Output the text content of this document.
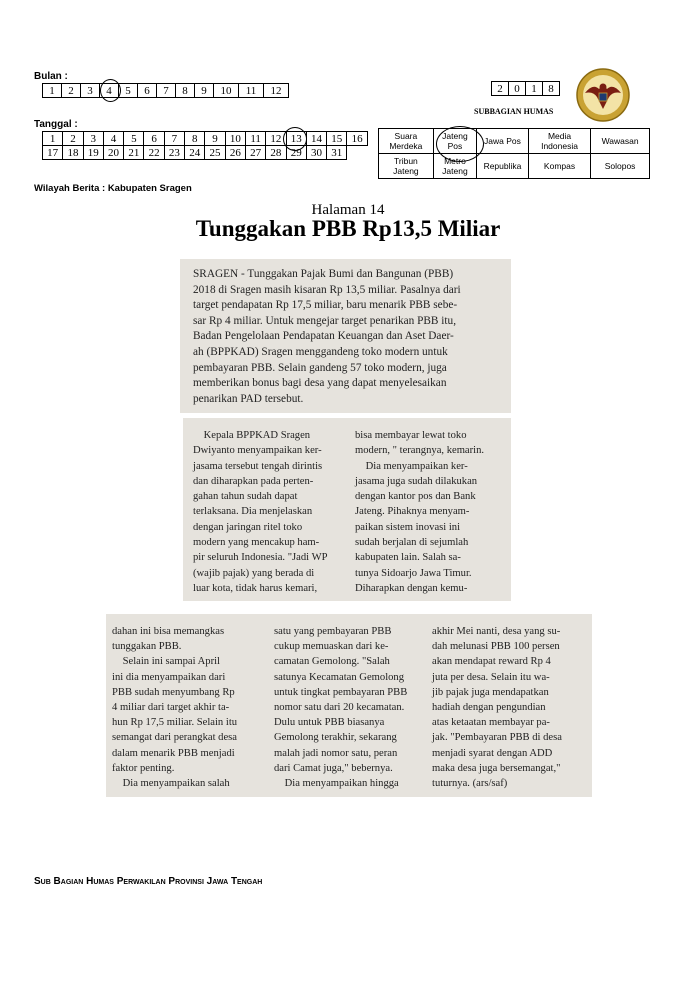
Bulan :
1	2	3	4	5	6	7	8	9	10	11	12
Tanggal :
1	2	3	4	5	6	7	8	9	10	11	12	13	14	15	16
17	18	19	20	21	22	23	24	25	26	27	28	29	30	31	
Wilayah Berita : Kabupaten Sragen
2	0	1	8
SUBBAGIAN HUMAS
Suara Merdeka	Jateng Pos	Jawa Pos	Media Indonesia	Wawasan
Tribun Jateng	Metro Jateng	Republika	Kompas	Solopos
Halaman 14
Tunggakan PBB Rp13,5 Miliar

SRAGEN - Tunggakan Pajak Bumi dan Bangunan (PBB)

2018 di Sragen masih kisaran Rp 13,5 miliar. Pasalnya dari

target pendapatan Rp 17,5 miliar, baru menarik PBB sebe-

sar Rp 4 miliar. Untuk mengejar target penarikan PBB itu,

Badan Pengelolaan Pendapatan Keuangan dan Aset Daer-

ah (BPPKAD) Sragen menggandeng toko modern untuk

pembayaran PBB. Selain gandeng 57 toko modern, juga

memberikan bonus bagi desa yang dapat menyelesaikan

penarikan PAD tersebut.

Kepala BPPKAD Sragen

Dwiyanto menyampaikan ker-

jasama tersebut tengah dirintis

dan diharapkan pada perten-

gahan tahun sudah dapat

terlaksana. Dia menjelaskan

dengan jaringan ritel toko

modern yang mencakup ham-

pir seluruh Indonesia. "Jadi WP

(wajib pajak) yang berada di

luar kota, tidak harus kemari,

bisa membayar lewat toko

modern, " terangnya, kemarin.

Dia menyampaikan ker-

jasama juga sudah dilakukan

dengan kantor pos dan Bank

Jateng. Pihaknya menyam-

paikan sistem inovasi ini

sudah berjalan di sejumlah

kabupaten lain. Salah sa-

tunya Sidoarjo Jawa Timur.

Diharapkan dengan kemu-

dahan ini bisa memangkas

tunggakan PBB.

Selain ini sampai April

ini dia menyampaikan dari

PBB sudah menyumbang Rp

4 miliar dari target akhir ta-

hun Rp 17,5 miliar. Selain itu

semangat dari perangkat desa

dalam menarik PBB menjadi

faktor penting.

Dia menyampaikan salah

satu yang pembayaran PBB

cukup memuaskan dari ke-

camatan Gemolong. "Salah

satunya Kecamatan Gemolong

untuk tingkat pembayaran PBB

nomor satu dari 20 kecamatan.

Dulu untuk PBB biasanya

Gemolong terakhir, sekarang

malah jadi nomor satu, peran

dari Camat juga," bebernya.

Dia menyampaikan hingga

akhir Mei nanti, desa yang su-

dah melunasi PBB 100 persen

akan mendapat reward Rp 4

juta per desa. Selain itu wa-

jib pajak juga mendapatkan

hadiah dengan pengundian

atas ketaatan membayar pa-

jak. "Pembayaran PBB di desa

menjadi syarat dengan ADD

maka desa juga bersemangat,"

tuturnya. (ars/saf)

Sub Bagian Humas Perwakilan Provinsi Jawa Tengah
